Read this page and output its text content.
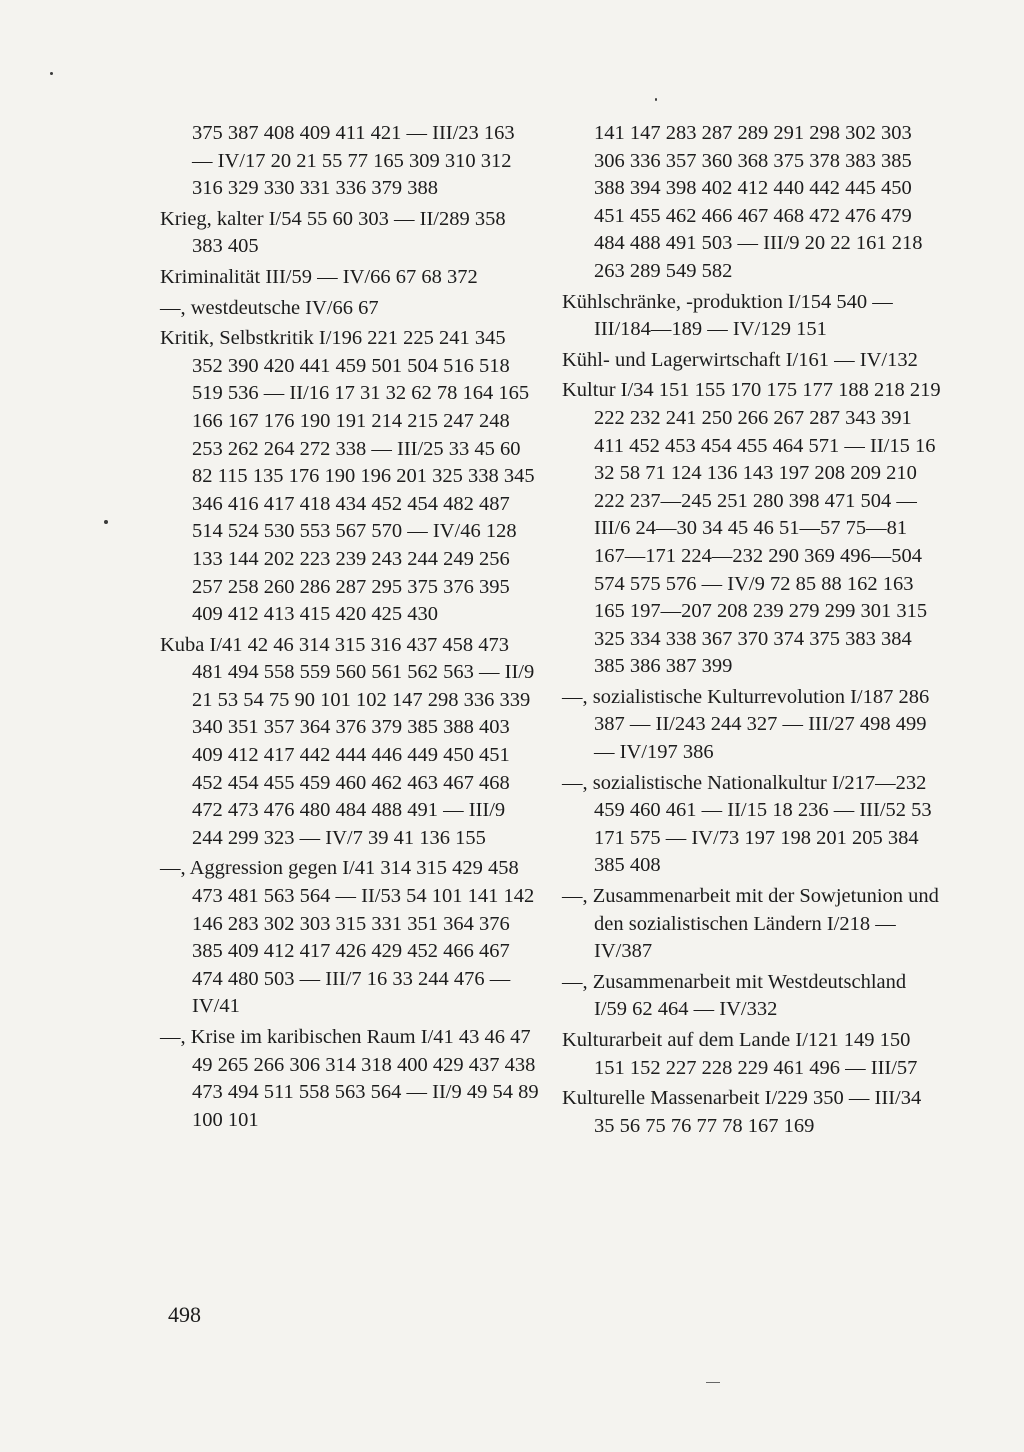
375 387 408 409 411 421 — III/23 163 — IV/17 20 21 55 77 165 309 310 312 316 329 330 331 336 379 388

Krieg, kalter I/54 55 60 303 — II/289 358 383 405

Kriminalität III/59 — IV/66 67 68 372

—, westdeutsche IV/66 67

Kritik, Selbstkritik I/196 221 225 241 345 352 390 420 441 459 501 504 516 518 519 536 — II/16 17 31 32 62 78 164 165 166 167 176 190 191 214 215 247 248 253 262 264 272 338 — III/25 33 45 60 82 115 135 176 190 196 201 325 338 345 346 416 417 418 434 452 454 482 487 514 524 530 553 567 570 — IV/46 128 133 144 202 223 239 243 244 249 256 257 258 260 286 287 295 375 376 395 409 412 413 415 420 425 430

Kuba I/41 42 46 314 315 316 437 458 473 481 494 558 559 560 561 562 563 — II/9 21 53 54 75 90 101 102 147 298 336 339 340 351 357 364 376 379 385 388 403 409 412 417 442 444 446 449 450 451 452 454 455 459 460 462 463 467 468 472 473 476 480 484 488 491 — III/9 244 299 323 — IV/7 39 41 136 155

—, Aggression gegen I/41 314 315 429 458 473 481 563 564 — II/53 54 101 141 142 146 283 302 303 315 331 351 364 376 385 409 412 417 426 429 452 466 467 474 480 503 — III/7 16 33 244 476 — IV/41

—, Krise im karibischen Raum I/41 43 46 47 49 265 266 306 314 318 400 429 437 438 473 494 511 558 563 564 — II/9 49 54 89 100 101

141 147 283 287 289 291 298 302 303 306 336 357 360 368 375 378 383 385 388 394 398 402 412 440 442 445 450 451 455 462 466 467 468 472 476 479 484 488 491 503 — III/9 20 22 161 218 263 289 549 582

Kühlschränke, -produktion I/154 540 — III/184—189 — IV/129 151

Kühl- und Lagerwirtschaft I/161 — IV/132

Kultur I/34 151 155 170 175 177 188 218 219 222 232 241 250 266 267 287 343 391 411 452 453 454 455 464 571 — II/15 16 32 58 71 124 136 143 197 208 209 210 222 237—245 251 280 398 471 504 — III/6 24—30 34 45 46 51—57 75—81 167—171 224—232 290 369 496—504 574 575 576 — IV/9 72 85 88 162 163 165 197—207 208 239 279 299 301 315 325 334 338 367 370 374 375 383 384 385 386 387 399

—, sozialistische Kulturrevolution I/187 286 387 — II/243 244 327 — III/27 498 499 — IV/197 386

—, sozialistische Nationalkultur I/217—232 459 460 461 — II/15 18 236 — III/52 53 171 575 — IV/73 197 198 201 205 384 385 408

—, Zusammenarbeit mit der Sowjetunion und den sozialistischen Ländern I/218 — IV/387

—, Zusammenarbeit mit Westdeutschland I/59 62 464 — IV/332

Kulturarbeit auf dem Lande I/121 149 150 151 152 227 228 229 461 496 — III/57

Kulturelle Massenarbeit I/229 350 — III/34 35 56 75 76 77 78 167 169

498
